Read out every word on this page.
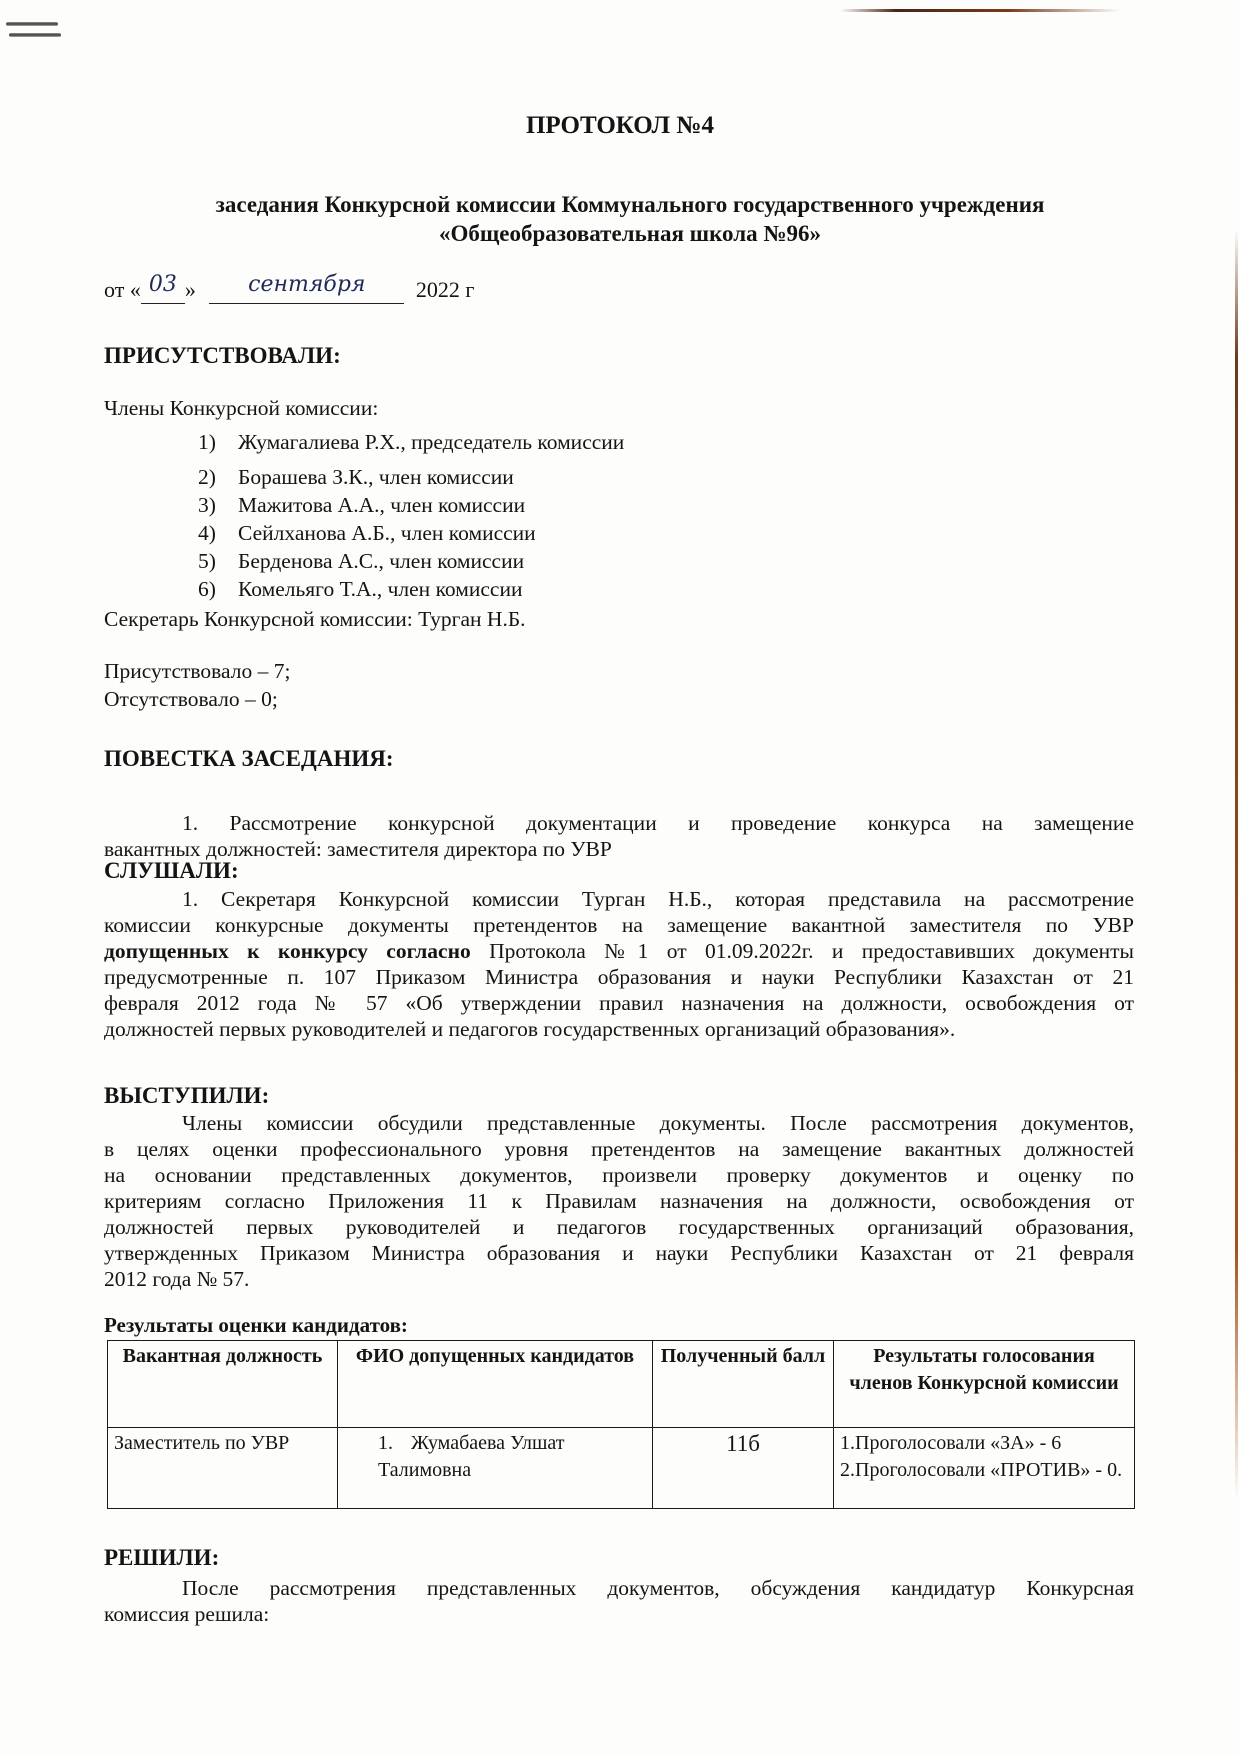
ПРОТОКОЛ №4
заседания Конкурсной комиссии Коммунального государственного учреждения
«Общеобразовательная школа №96»
от « 03 » сентября 2022 г
ПРИСУТСТВОВАЛИ:
Члены Конкурсной комиссии:
1) Жумагалиева Р.Х., председатель комиссии
2) Борашева З.К., член комиссии
3) Мажитова А.А., член комиссии
4) Сейлханова А.Б., член комиссии
5) Берденова А.С., член комиссии
6) Комельяго Т.А., член комиссии
Секретарь Конкурсной комиссии: Турган Н.Б.
Присутствовало – 7;
Отсутствовало – 0;
ПОВЕСТКА ЗАСЕДАНИЯ:
1. Рассмотрение конкурсной документации и проведение конкурса на замещение
вакантных должностей: заместителя директора по УВР
СЛУШАЛИ:
1. Секретаря Конкурсной комиссии Турган Н.Б., которая представила на рассмотрение
комиссии конкурсные документы претендентов на замещение вакантной заместителя по УВР
допущенных к конкурсу согласно Протокола №1 от 01.09.2022г. и предоставивших документы
предусмотренные п. 107 Приказом Министра образования и науки Республики Казахстан от 21
февраля 2012 года № 57 «Об утверждении правил назначения на должности, освобождения от
должностей первых руководителей и педагогов государственных организаций образования».
ВЫСТУПИЛИ:
Члены комиссии обсудили представленные документы. После рассмотрения документов,
в целях оценки профессионального уровня претендентов на замещение вакантных должностей
на основании представленных документов, произвели проверку документов и оценку по
критериям согласно Приложения 11 к Правилам назначения на должности, освобождения от
должностей первых руководителей и педагогов государственных организаций образования,
утвержденных Приказом Министра образования и науки Республики Казахстан от 21 февраля
2012 года № 57.
Результаты оценки кандидатов:
Вакантная должность	ФИО допущенных кандидатов	Полученный балл	Результаты голосования членов Конкурсной комиссии
Заместитель по УВР	1. Жумабаева Улшат Талимовна	11б	1.Проголосовали «ЗА» - 6
2.Проголосовали «ПРОТИВ» - 0.
РЕШИЛИ:
После рассмотрения представленных документов, обсуждения кандидатур Конкурсная
комиссия решила:
